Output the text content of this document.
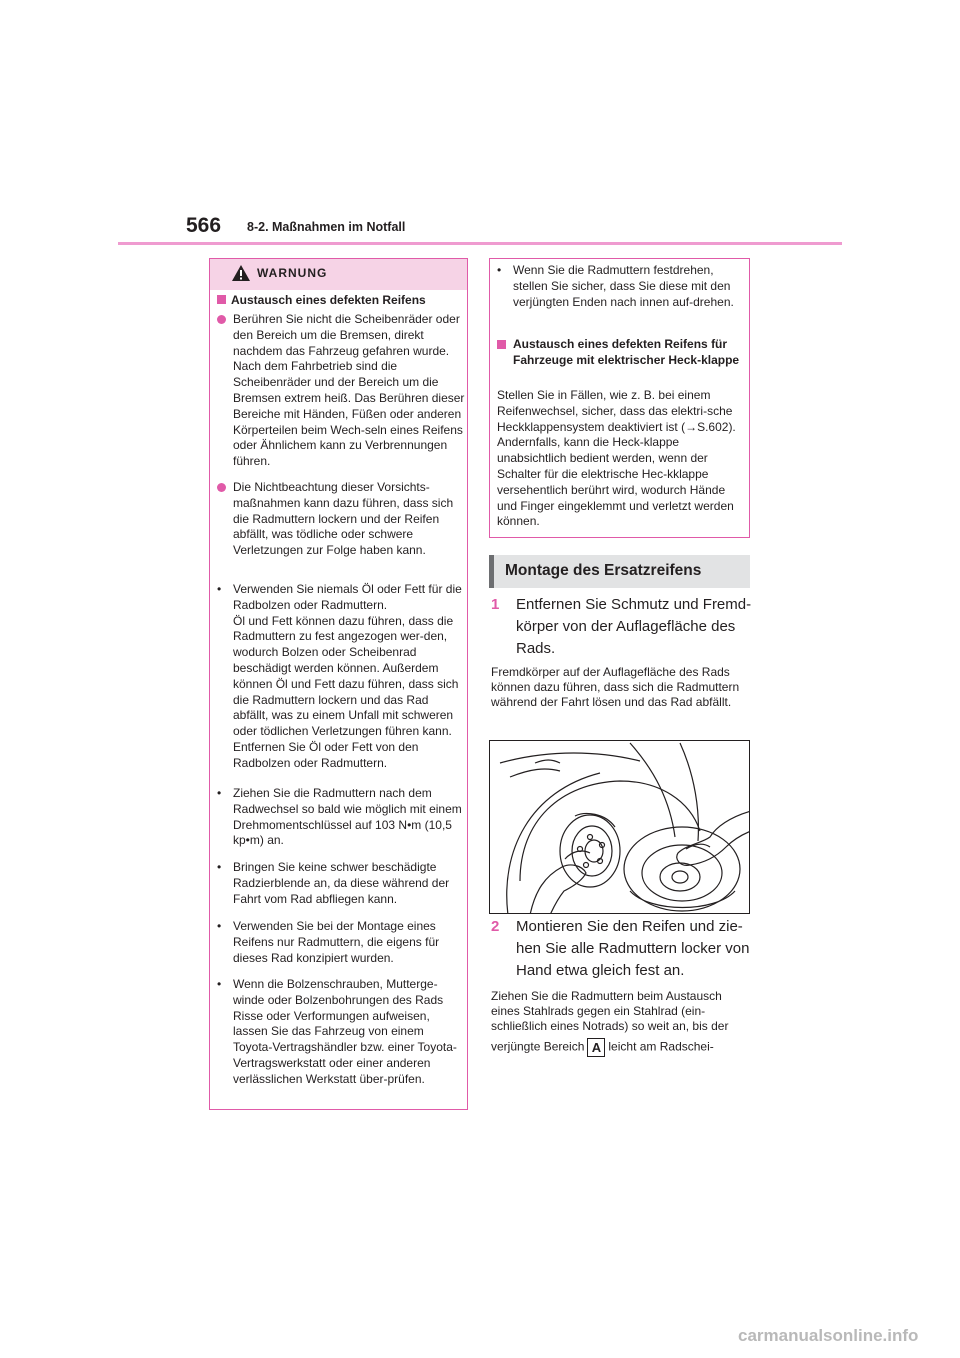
566 8-2. Maßnahmen im Notfall
WARNUNG
Austausch eines defekten Reifens
Berühren Sie nicht die Scheibenräder oder den Bereich um die Bremsen, direkt nachdem das Fahrzeug gefahren wurde. Nach dem Fahrbetrieb sind die Scheibenräder und der Bereich um die Bremsen extrem heiß. Das Berühren dieser Bereiche mit Händen, Füßen oder anderen Körperteilen beim Wech-seln eines Reifens oder Ähnlichem kann zu Verbrennungen führen.
Die Nichtbeachtung dieser Vorsichts-maßnahmen kann dazu führen, dass sich die Radmuttern lockern und der Reifen abfällt, was tödliche oder schwere Verletzungen zur Folge haben kann.
• Verwenden Sie niemals Öl oder Fett für die Radbolzen oder Radmuttern.
Öl und Fett können dazu führen, dass die Radmuttern zu fest angezogen wer-den, wodurch Bolzen oder Scheibenrad beschädigt werden können. Außerdem können Öl und Fett dazu führen, dass sich die Radmuttern lockern und das Rad abfällt, was zu einem Unfall mit schweren oder tödlichen Verletzungen führen kann. Entfernen Sie Öl oder Fett von den Radbolzen oder Radmuttern.
• Ziehen Sie die Radmuttern nach dem Radwechsel so bald wie möglich mit einem Drehmomentschlüssel auf 103 N•m (10,5 kp•m) an.
• Bringen Sie keine schwer beschädigte Radzierblende an, da diese während der Fahrt vom Rad abfliegen kann.
• Verwenden Sie bei der Montage eines Reifens nur Radmuttern, die eigens für dieses Rad konzipiert wurden.
• Wenn die Bolzenschrauben, Mutterge-winde oder Bolzenbohrungen des Rads Risse oder Verformungen aufweisen, lassen Sie das Fahrzeug von einem Toyota-Vertragshändler bzw. einer Toyota-Vertragswerkstatt oder einer anderen verlässlichen Werkstatt über-prüfen.
• Wenn Sie die Radmuttern festdrehen, stellen Sie sicher, dass Sie diese mit den verjüngten Enden nach innen auf-drehen.
Austausch eines defekten Reifens für Fahrzeuge mit elektrischer Heck-klappe
Stellen Sie in Fällen, wie z. B. bei einem Reifenwechsel, sicher, dass das elektri-sche Heckklappensystem deaktiviert ist (→S.602). Andernfalls, kann die Heck-klappe unabsichtlich bedient werden, wenn der Schalter für die elektrische Hec-kklappe versehentlich berührt wird, wodurch Hände und Finger eingeklemmt und verletzt werden können.
Montage des Ersatzreifens
1 Entfernen Sie Schmutz und Fremd-körper von der Auflagefläche des Rads.
Fremdkörper auf der Auflagefläche des Rads können dazu führen, dass sich die Radmuttern während der Fahrt lösen und das Rad abfällt.
2 Montieren Sie den Reifen und zie-hen Sie alle Radmuttern locker von Hand etwa gleich fest an.
Ziehen Sie die Radmuttern beim Austausch eines Stahlrads gegen ein Stahlrad (ein-schließlich eines Notrads) so weit an, bis der
verjüngte Bereich A leicht am Radschei-
carmanualsonline.info
